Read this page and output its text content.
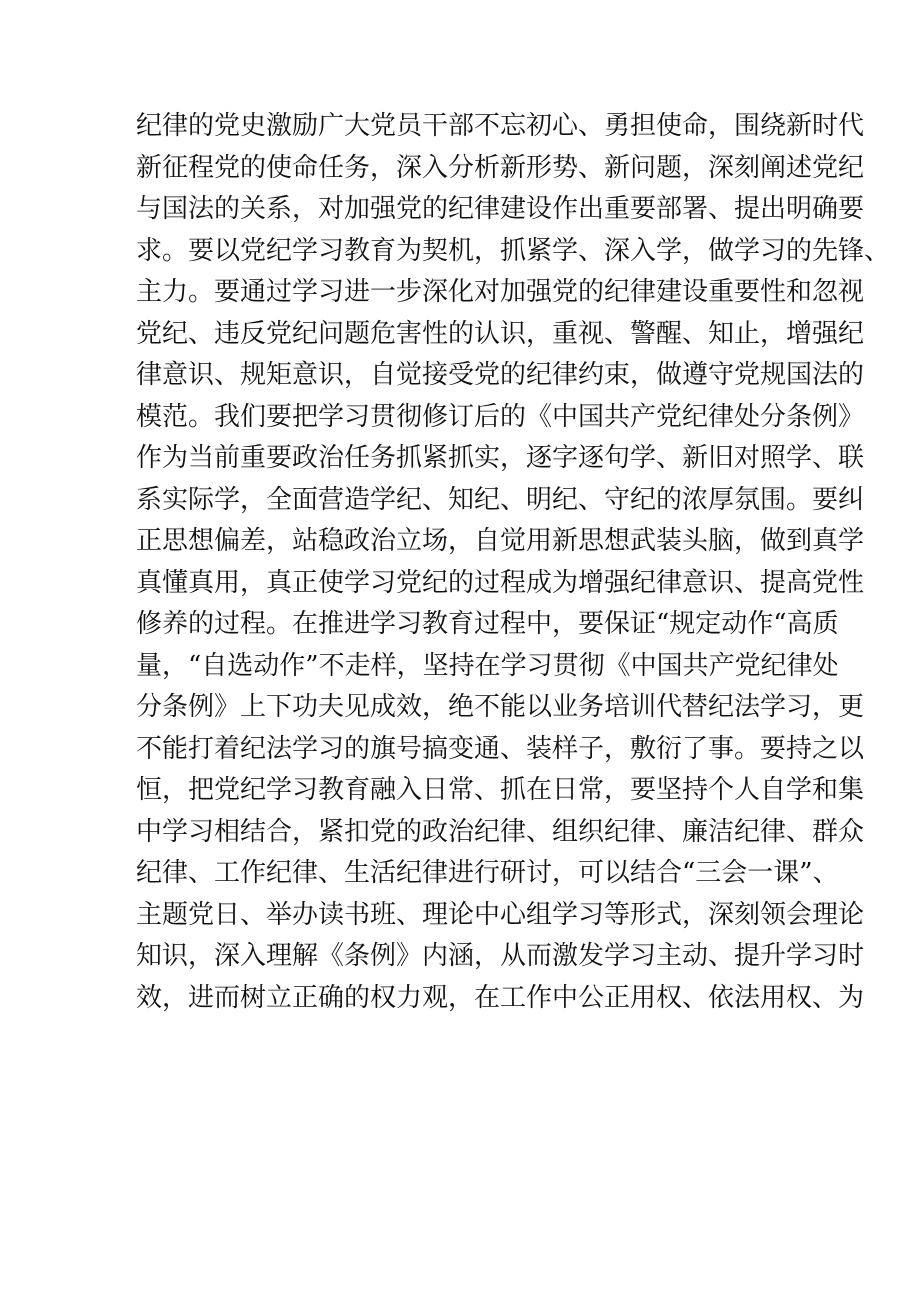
纪律的党史激励广大党员干部不忘初心、勇担使命，围绕新时代
新征程党的使命任务，深入分析新形势、新问题，深刻阐述党纪
与国法的关系，对加强党的纪律建设作出重要部署、提出明确要
求。要以党纪学习教育为契机，抓紧学、深入学，做学习的先锋、
主力。要通过学习进一步深化对加强党的纪律建设重要性和忽视
党纪、违反党纪问题危害性的认识，重视、警醒、知止，增强纪
律意识、规矩意识，自觉接受党的纪律约束，做遵守党规国法的
模范。我们要把学习贯彻修订后的《中国共产党纪律处分条例》
作为当前重要政治任务抓紧抓实，逐字逐句学、新旧对照学、联
系实际学，全面营造学纪、知纪、明纪、守纪的浓厚氛围。要纠
正思想偏差，站稳政治立场，自觉用新思想武装头脑，做到真学
真懂真用，真正使学习党纪的过程成为增强纪律意识、提高党性
修养的过程。在推进学习教育过程中，要保证“规定动作“高质
量，“自选动作”不走样，坚持在学习贯彻《中国共产党纪律处
分条例》上下功夫见成效，绝不能以业务培训代替纪法学习，更
不能打着纪法学习的旗号搞变通、装样子，敷衍了事。要持之以
恒，把党纪学习教育融入日常、抓在日常，要坚持个人自学和集
中学习相结合，紧扣党的政治纪律、组织纪律、廉洁纪律、群众
纪律、工作纪律、生活纪律进行研讨，可以结合“三会一课”、
主题党日、举办读书班、理论中心组学习等形式，深刻领会理论
知识，深入理解《条例》内涵，从而激发学习主动、提升学习时
效，进而树立正确的权力观，在工作中公正用权、依法用权、为
